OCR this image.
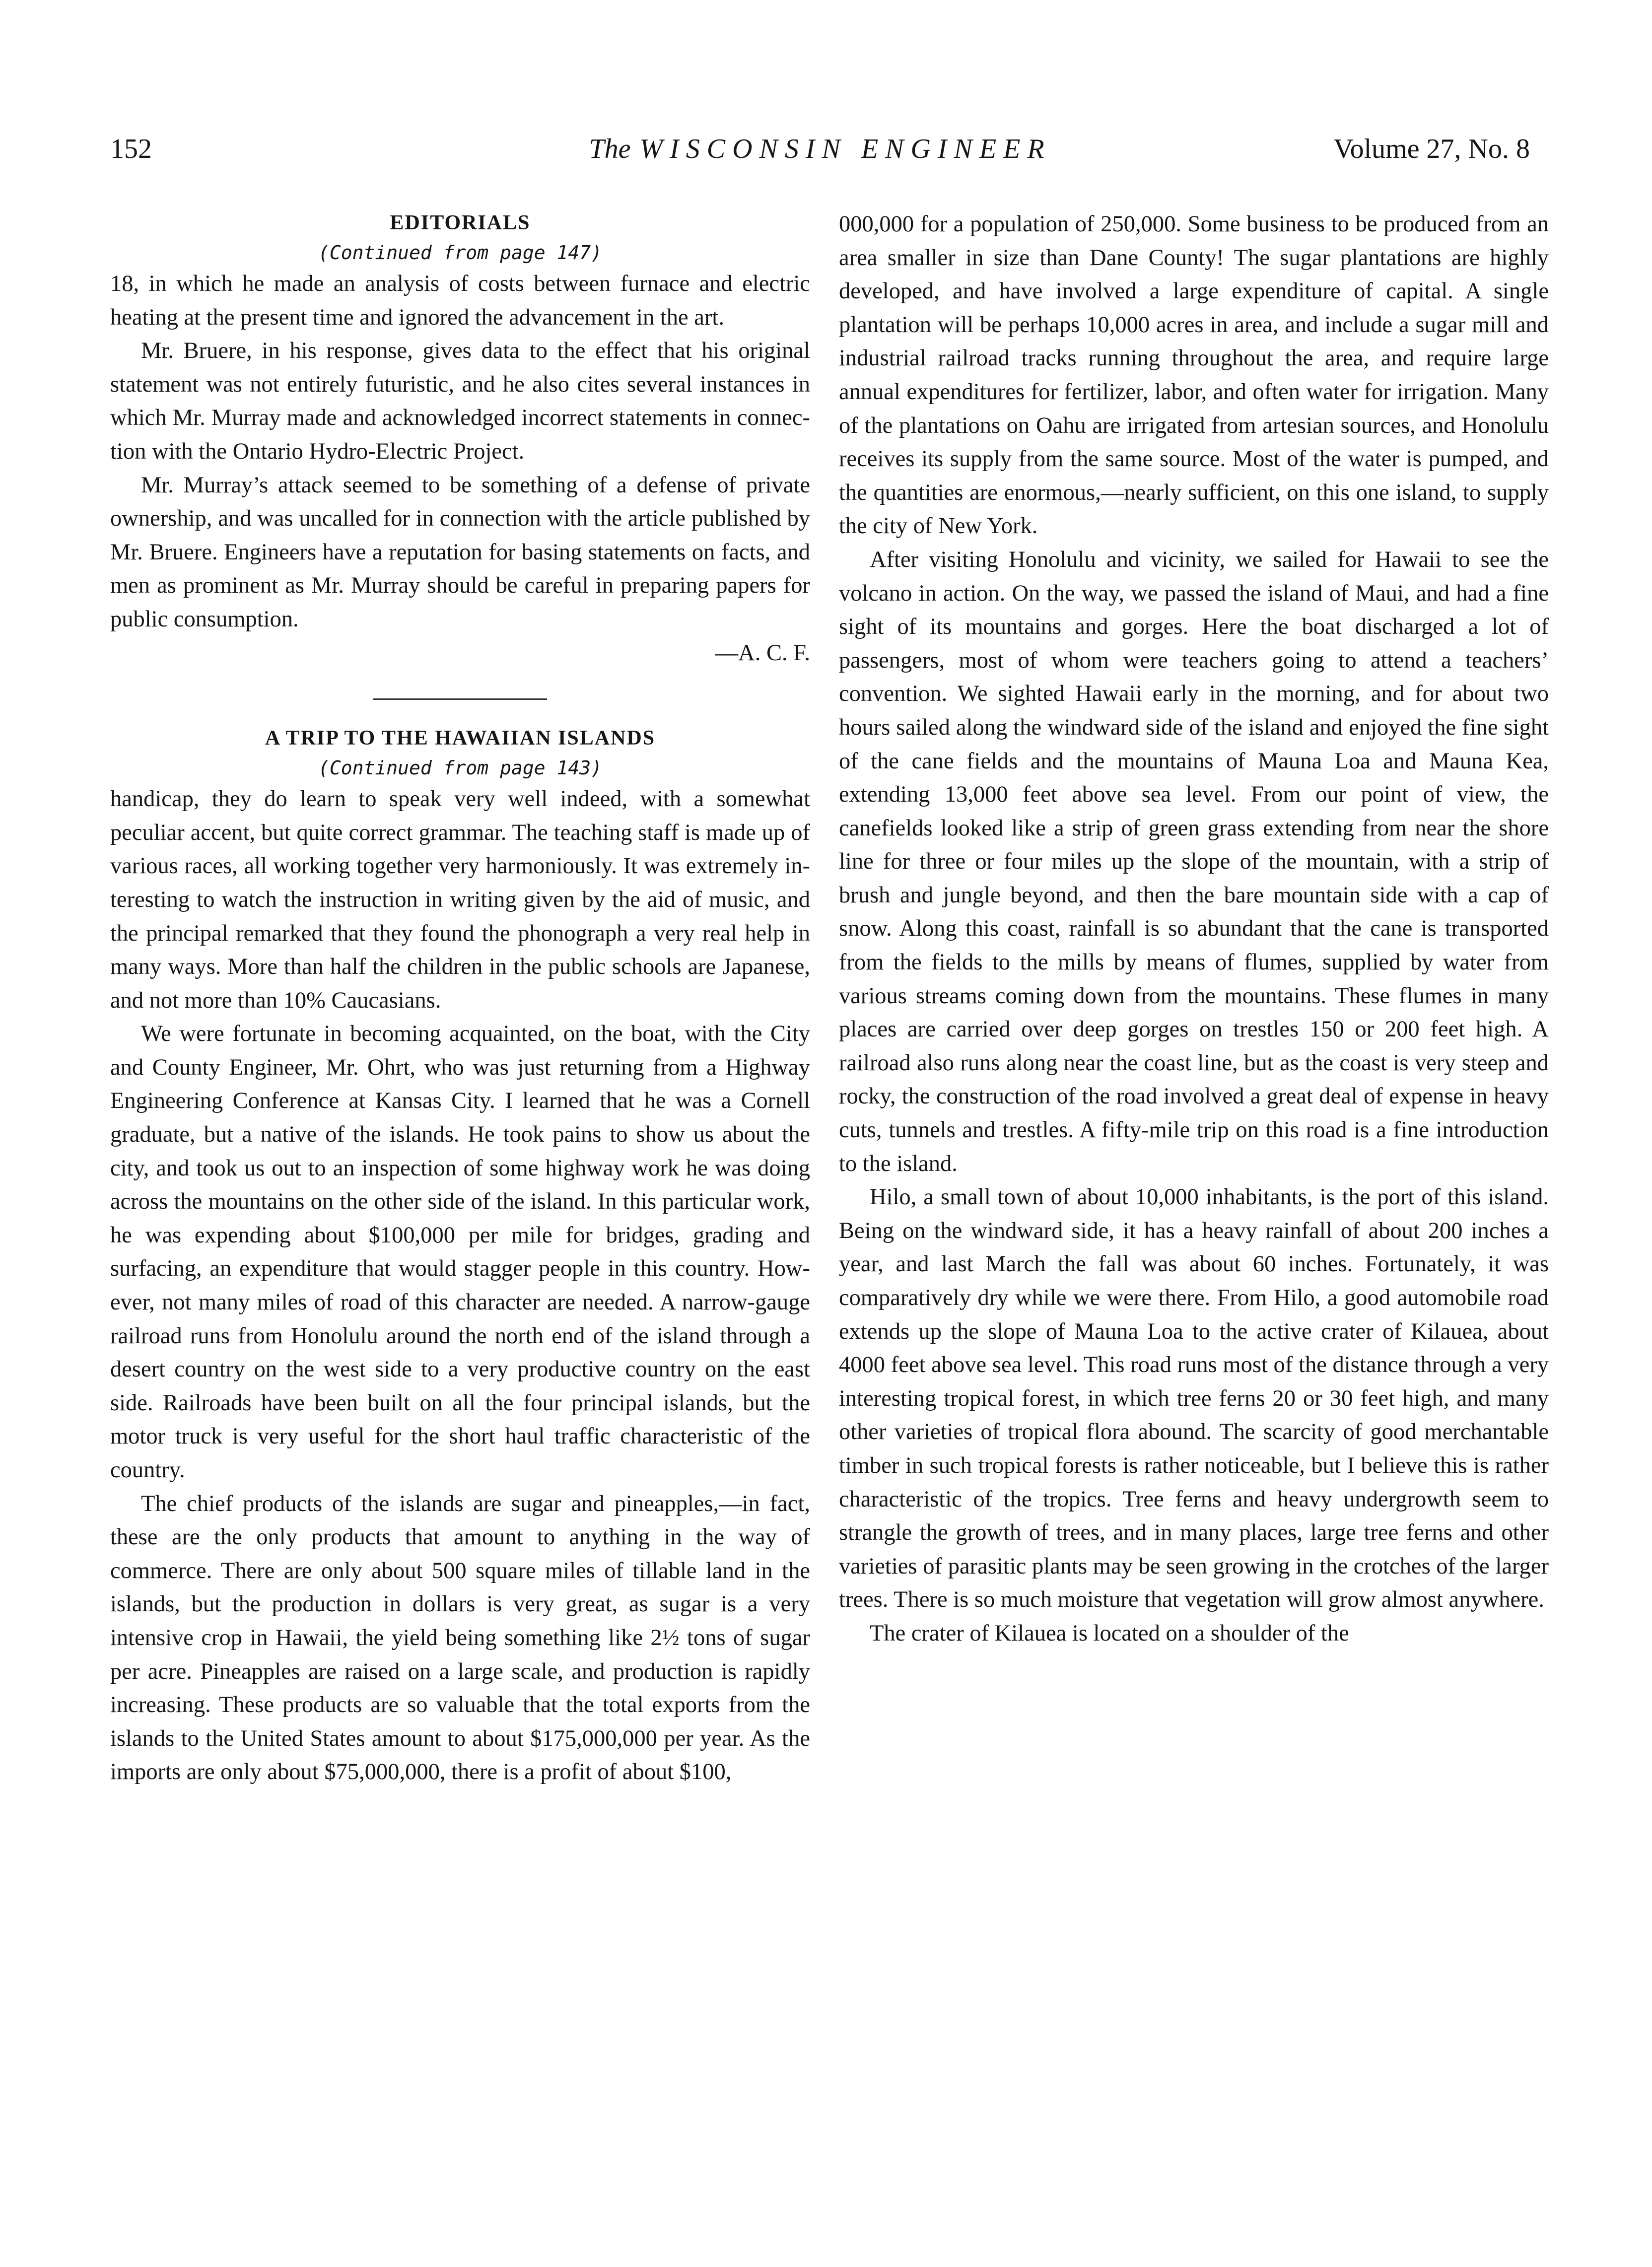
152	The WISCONSIN ENGINEER	Volume 27, No. 8
EDITORIALS
(Continued from page 147)

18, in which he made an analysis of costs between furnace and electric heating at the present time and ignored the advancement in the art.

Mr. Bruere, in his response, gives data to the effect that his original statement was not entirely futuristic, and he also cites several instances in which Mr. Murray made and acknowledged incorrect statements in connection with the Ontario Hydro-Electric Project.

Mr. Murray’s attack seemed to be something of a defense of private ownership, and was uncalled for in connection with the article published by Mr. Bruere. Engineers have a reputation for basing statements on facts, and men as prominent as Mr. Murray should be careful in preparing papers for public consumption.

—A. C. F.

A TRIP TO THE HAWAIIAN ISLANDS
(Continued from page 143)

handicap, they do learn to speak very well indeed, with a somewhat peculiar accent, but quite correct grammar. The teaching staff is made up of various races, all working together very harmoniously. It was extremely interesting to watch the instruction in writing given by the aid of music, and the principal remarked that they found the phonograph a very real help in many ways. More than half the children in the public schools are Japanese, and not more than 10% Caucasians.

We were fortunate in becoming acquainted, on the boat, with the City and County Engineer, Mr. Ohrt, who was just returning from a Highway Engineering Conference at Kansas City. I learned that he was a Cornell graduate, but a native of the islands. He took pains to show us about the city, and took us out to an inspection of some highway work he was doing across the mountains on the other side of the island. In this particular work, he was expending about $100,000 per mile for bridges, grading and surfacing, an expenditure that would stagger people in this country. However, not many miles of road of this character are needed. A narrow-gauge railroad runs from Honolulu around the north end of the island through a desert country on the west side to a very productive country on the east side. Railroads have been built on all the four principal islands, but the motor truck is very useful for the short haul traffic characteristic of the country.

The chief products of the islands are sugar and pineapples,—in fact, these are the only products that amount to anything in the way of commerce. There are only about 500 square miles of tillable land in the islands, but the production in dollars is very great, as sugar is a very intensive crop in Hawaii, the yield being something like 2½ tons of sugar per acre. Pineapples are raised on a large scale, and production is rapidly increasing. These products are so valuable that the total exports from the islands to the United States amount to about $175,000,000 per year. As the imports are only about $75,000,000, there is a profit of about $100,

000,000 for a population of 250,000. Some business to be produced from an area smaller in size than Dane County! The sugar plantations are highly developed, and have involved a large expenditure of capital. A single plantation will be perhaps 10,000 acres in area, and include a sugar mill and industrial railroad tracks running throughout the area, and require large annual expenditures for fertilizer, labor, and often water for irrigation. Many of the plantations on Oahu are irrigated from artesian sources, and Honolulu receives its supply from the same source. Most of the water is pumped, and the quantities are enormous,—nearly sufficient, on this one island, to supply the city of New York.

After visiting Honolulu and vicinity, we sailed for Hawaii to see the volcano in action. On the way, we passed the island of Maui, and had a fine sight of its mountains and gorges. Here the boat discharged a lot of passengers, most of whom were teachers going to attend a teachers’ convention. We sighted Hawaii early in the morning, and for about two hours sailed along the windward side of the island and enjoyed the fine sight of the cane fields and the mountains of Mauna Loa and Mauna Kea, extending 13,000 feet above sea level. From our point of view, the canefields looked like a strip of green grass extending from near the shore line for three or four miles up the slope of the mountain, with a strip of brush and jungle beyond, and then the bare mountain side with a cap of snow. Along this coast, rainfall is so abundant that the cane is transported from the fields to the mills by means of flumes, supplied by water from various streams coming down from the mountains. These flumes in many places are carried over deep gorges on trestles 150 or 200 feet high. A railroad also runs along near the coast line, but as the coast is very steep and rocky, the construction of the road involved a great deal of expense in heavy cuts, tunnels and trestles. A fifty-mile trip on this road is a fine introduction to the island.

Hilo, a small town of about 10,000 inhabitants, is the port of this island. Being on the windward side, it has a heavy rainfall of about 200 inches a year, and last March the fall was about 60 inches. Fortunately, it was comparatively dry while we were there. From Hilo, a good automobile road extends up the slope of Mauna Loa to the active crater of Kilauea, about 4000 feet above sea level. This road runs most of the distance through a very interesting tropical forest, in which tree ferns 20 or 30 feet high, and many other varieties of tropical flora abound. The scarcity of good merchantable timber in such tropical forests is rather noticeable, but I believe this is rather characteristic of the tropics. Tree ferns and heavy undergrowth seem to strangle the growth of trees, and in many places, large tree ferns and other varieties of parasitic plants may be seen growing in the crotches of the larger trees. There is so much moisture that vegetation will grow almost anywhere.

The crater of Kilauea is located on a shoulder of the
